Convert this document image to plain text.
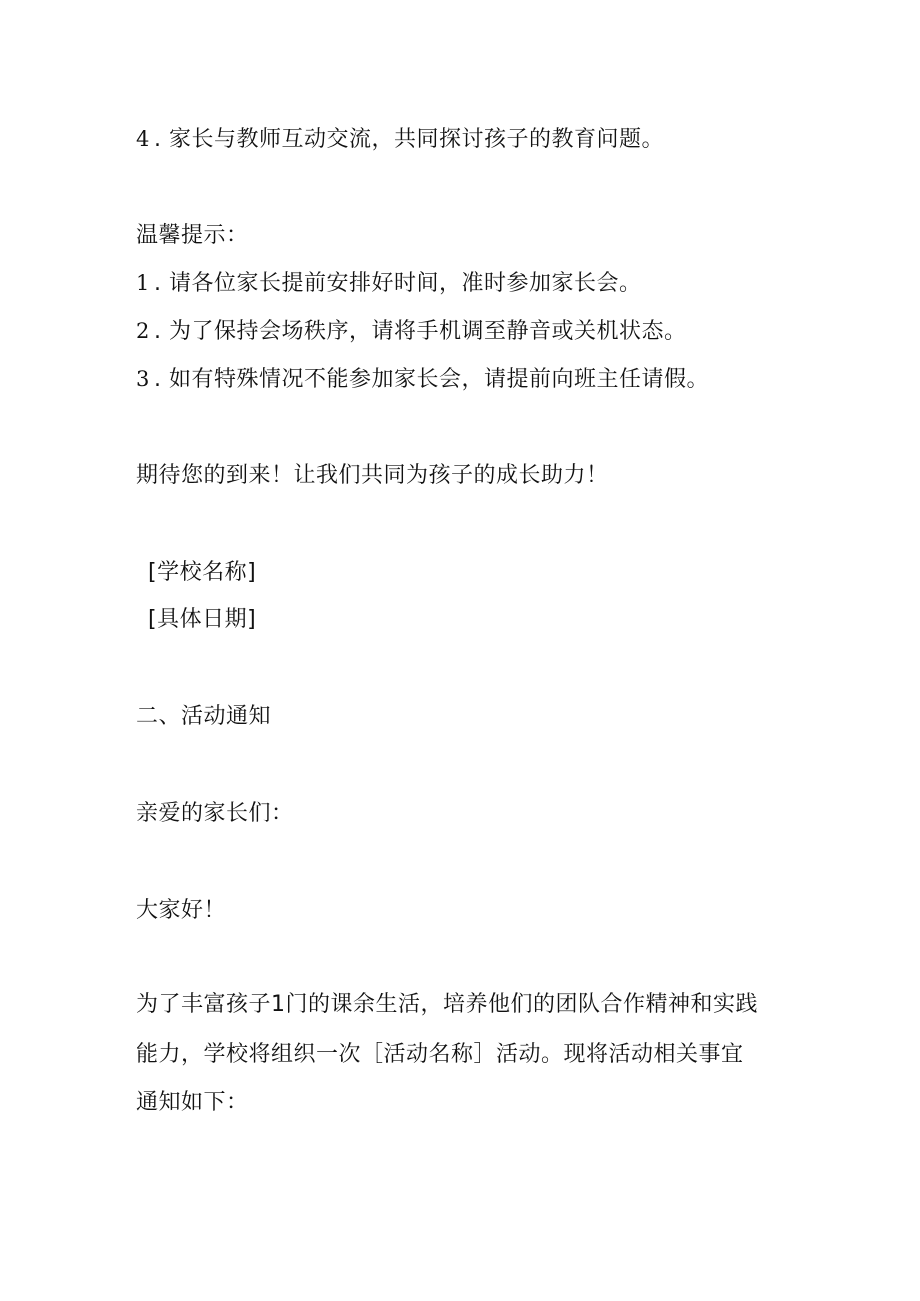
4 . 家长与教师互动交流，共同探讨孩子的教育问题。
温馨提示：
1 . 请各位家长提前安排好时间，准时参加家长会。
2 . 为了保持会场秩序，请将手机调至静音或关机状态。
3 . 如有特殊情况不能参加家长会，请提前向班主任请假。
期待您的到来！让我们共同为孩子的成长助力！
[学校名称]
[具体日期]
二、活动通知
亲爱的家长们：
大家好！
为了丰富孩子1门的课余生活，培养他们的团队合作精神和实践
能力，学校将组织一次［活动名称］活动。现将活动相关事宜
通知如下：
